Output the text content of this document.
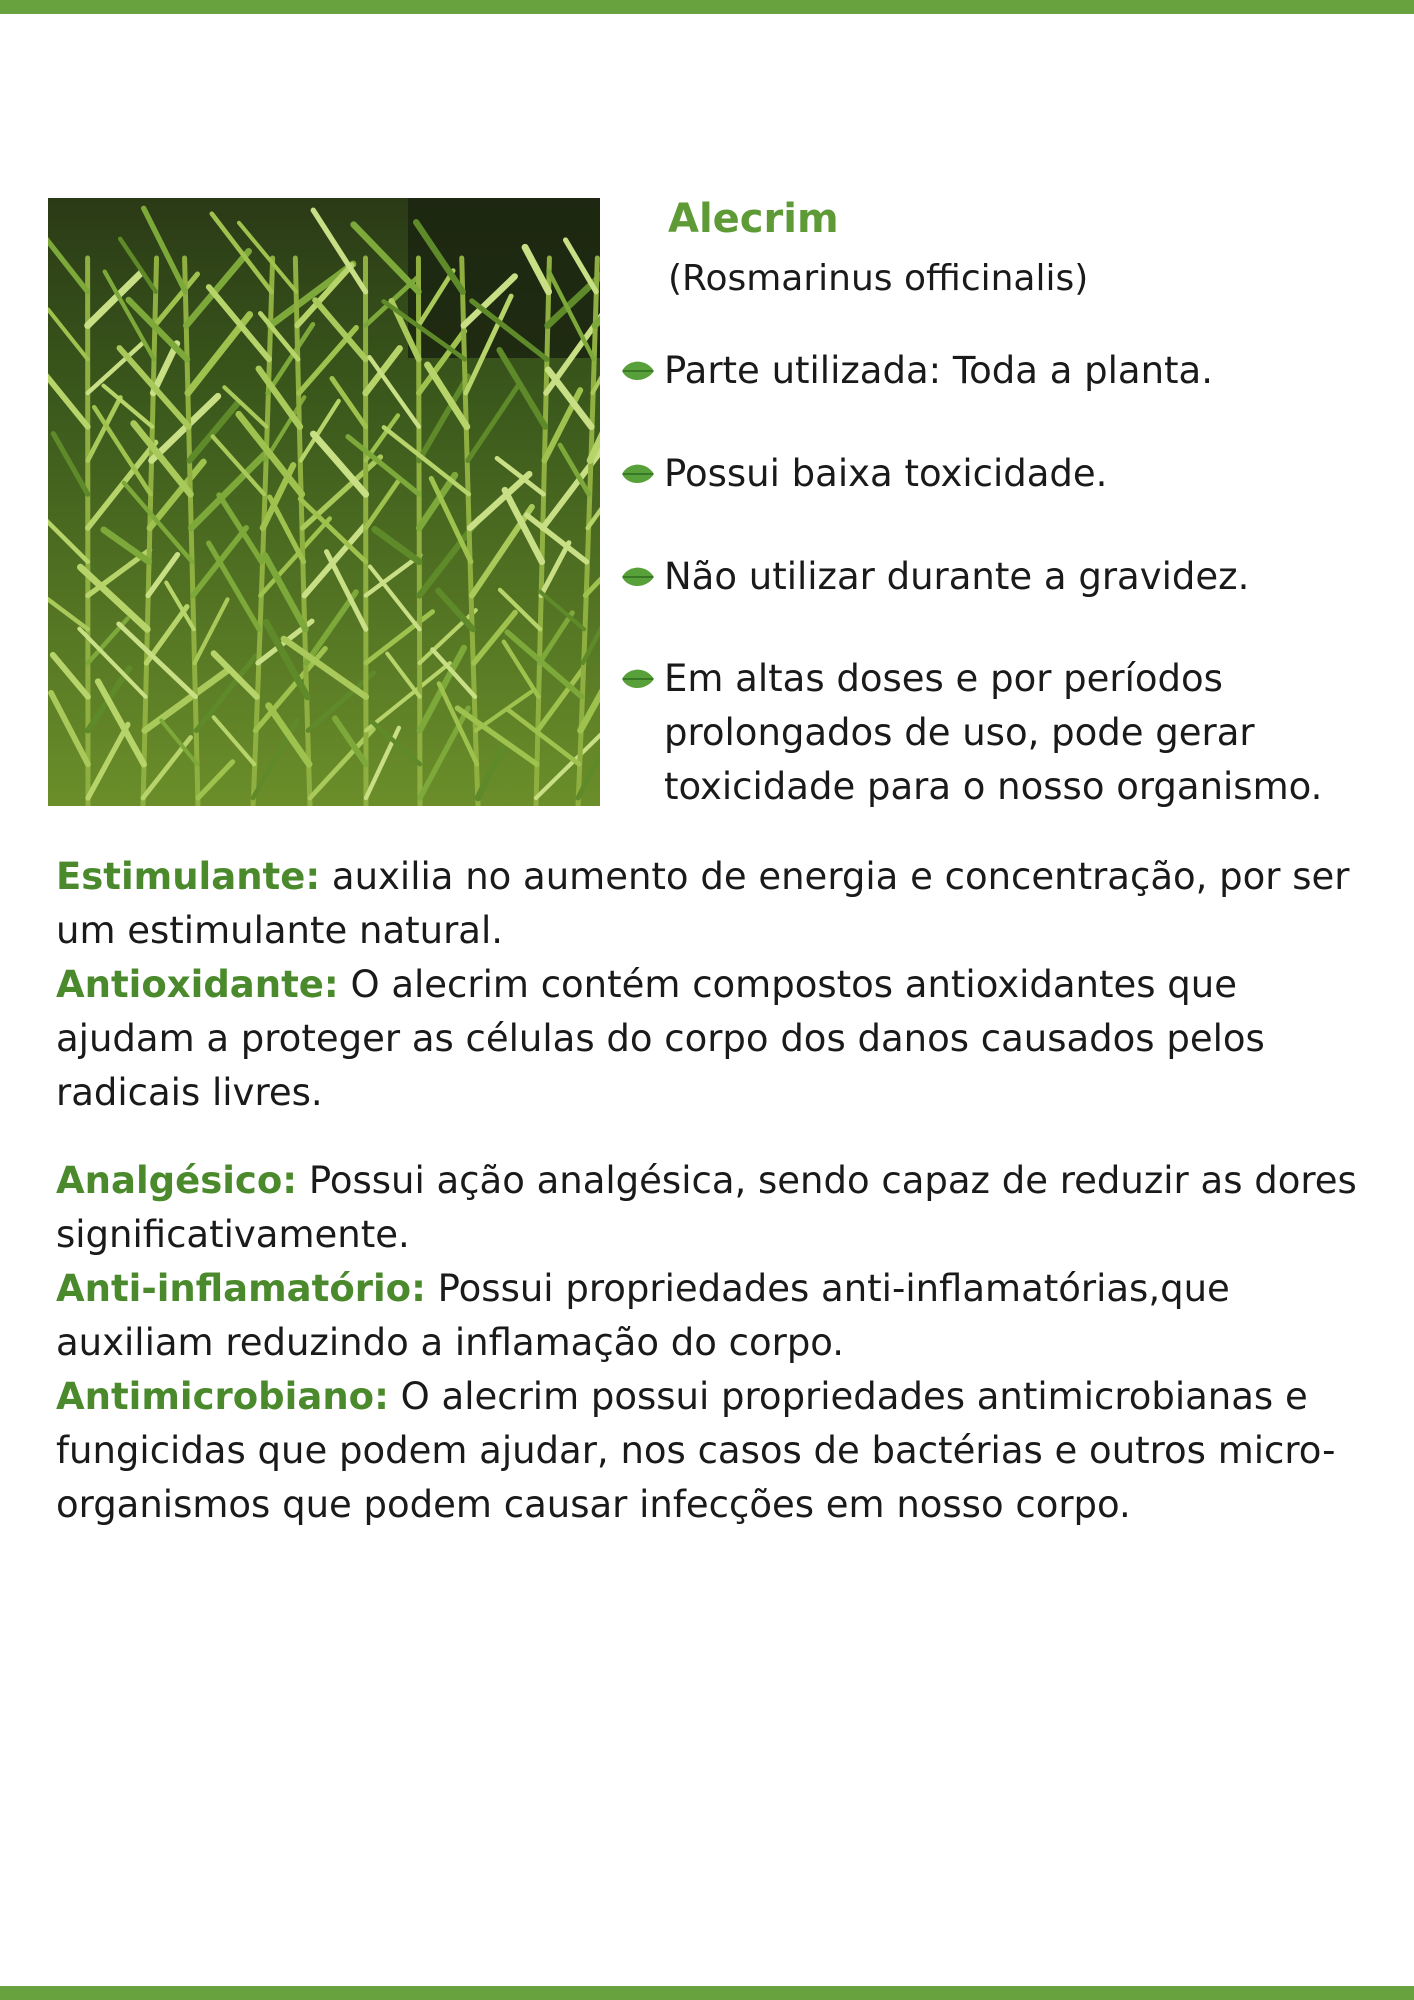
Alecrim
(Rosmarinus officinalis)
Parte utilizada: Toda a planta.
Possui baixa toxicidade.
Não utilizar durante a gravidez.
Em altas doses e por períodos
prolongados de uso, pode gerar
toxicidade para o nosso organismo.

Estimulante: auxilia no aumento de energia e concentração, por ser um estimulante natural.

Antioxidante: O alecrim contém compostos antioxidantes que ajudam a proteger as células do corpo dos danos causados pelos radicais livres.

Analgésico: Possui ação analgésica, sendo capaz de reduzir as dores significativamente.

Anti-inflamatório: Possui propriedades anti-inflamatórias,que auxiliam reduzindo a inflamação do corpo.

Antimicrobiano: O alecrim possui propriedades antimicrobianas e fungicidas que podem ajudar, nos casos de bactérias e outros micro-organismos que podem causar infecções em nosso corpo.
